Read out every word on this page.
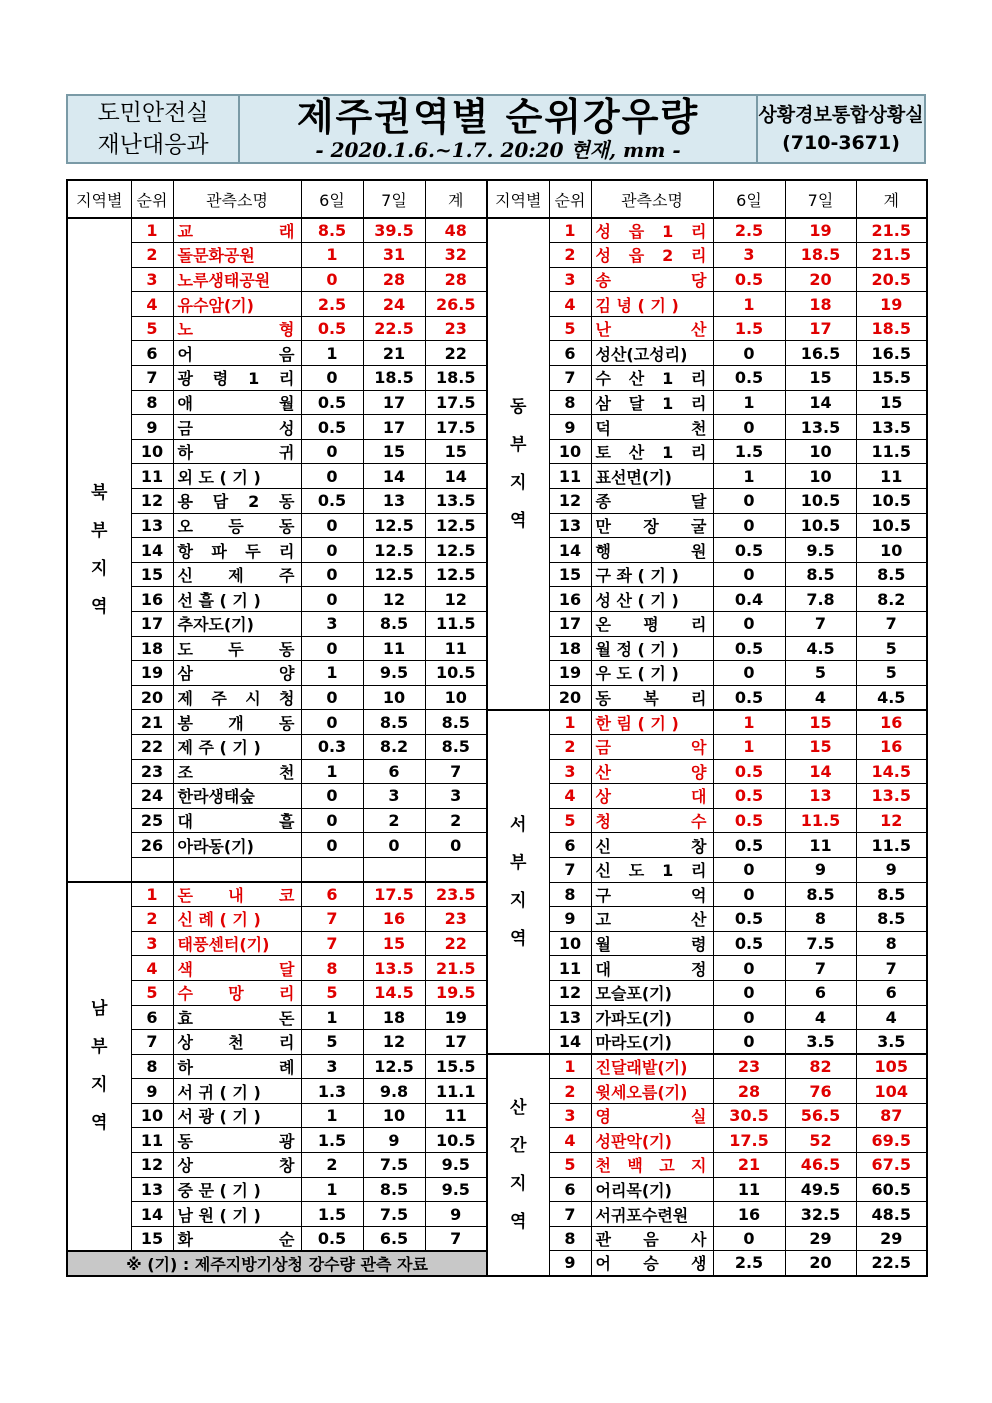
도민안전실
재난대응과
제주권역별 순위강우량
- 2020.1.6.~1.7. 20:20 현재, mm -
상황경보통합상황실
(710-3671)
지역별	순위	관측소명	6일	7일	계
북
부
지
역	1	교 래	8.5	39.5	48
	2	돌문화공원	1	31	32
	3	노루생태공원	0	28	28
	4	유수암(기)	2.5	24	26.5
	5	노 형	0.5	22.5	23
	6	어 음	1	21	22
	7	광 령 1 리	0	18.5	18.5
	8	애 월	0.5	17	17.5
	9	금 성	0.5	17	17.5
	10	하 귀	0	15	15
	11	외 도 ( 기 )	0	14	14
	12	용 담 2 동	0.5	13	13.5
	13	오 등 동	0	12.5	12.5
	14	항 파 두 리	0	12.5	12.5
	15	신 제 주	0	12.5	12.5
	16	선 흘 ( 기 )	0	12	12
	17	추자도(기)	3	8.5	11.5
	18	도 두 동	0	11	11
	19	삼 양	1	9.5	10.5
	20	제 주 시 청	0	10	10
	21	봉 개 동	0	8.5	8.5
	22	제 주 ( 기 )	0.3	8.2	8.5
	23	조 천	1	6	7
	24	한라생태숲	0	3	3
	25	대 흘	0	2	2
	26	아라동(기)	0	0	0

남
부
지
역	1	돈 내 코	6	17.5	23.5
	2	신 례 ( 기 )	7	16	23
	3	태풍센터(기)	7	15	22
	4	색 달	8	13.5	21.5
	5	수 망 리	5	14.5	19.5
	6	효 돈	1	18	19
	7	상 천 리	5	12	17
	8	하 례	3	12.5	15.5
	9	서 귀 ( 기 )	1.3	9.8	11.1
	10	서 광 ( 기 )	1	10	11
	11	동 광	1.5	9	10.5
	12	상 창	2	7.5	9.5
	13	중 문 ( 기 )	1	8.5	9.5
	14	남 원 ( 기 )	1.5	7.5	9
	15	화 순	0.5	6.5	7
※ (기) : 제주지방기상청 강수량 관측 자료					
지역별	순위	관측소명	6일	7일	계
동
부
지
역	1	성 읍 1 리	2.5	19	21.5
	2	성 읍 2 리	3	18.5	21.5
	3	송 당	0.5	20	20.5
	4	김 녕 ( 기 )	1	18	19
	5	난 산	1.5	17	18.5
	6	성산(고성리)	0	16.5	16.5
	7	수 산 1 리	0.5	15	15.5
	8	삼 달 1 리	1	14	15
	9	덕 천	0	13.5	13.5
	10	토 산 1 리	1.5	10	11.5
	11	표선면(기)	1	10	11
	12	종 달	0	10.5	10.5
	13	만 장 굴	0	10.5	10.5
	14	행 원	0.5	9.5	10
	15	구 좌 ( 기 )	0	8.5	8.5
	16	성 산 ( 기 )	0.4	7.8	8.2
	17	온 평 리	0	7	7
	18	월 정 ( 기 )	0.5	4.5	5
	19	우 도 ( 기 )	0	5	5
	20	동 복 리	0.5	4	4.5
서
부
지
역	1	한 림 ( 기 )	1	15	16
	2	금 악	1	15	16
	3	산 양	0.5	14	14.5
	4	상 대	0.5	13	13.5
	5	청 수	0.5	11.5	12
	6	신 창	0.5	11	11.5
	7	신 도 1 리	0	9	9
	8	구 억	0	8.5	8.5
	9	고 산	0.5	8	8.5
	10	월 령	0.5	7.5	8
	11	대 정	0	7	7
	12	모슬포(기)	0	6	6
	13	가파도(기)	0	4	4
	14	마라도(기)	0	3.5	3.5
산
간
지
역	1	진달래밭(기)	23	82	105
	2	윗세오름(기)	28	76	104
	3	영 실	30.5	56.5	87
	4	성판악(기)	17.5	52	69.5
	5	천 백 고 지	21	46.5	67.5
	6	어리목(기)	11	49.5	60.5
	7	서귀포수련원	16	32.5	48.5
	8	관 음 사	0	29	29
	9	어 승 생	2.5	20	22.5
